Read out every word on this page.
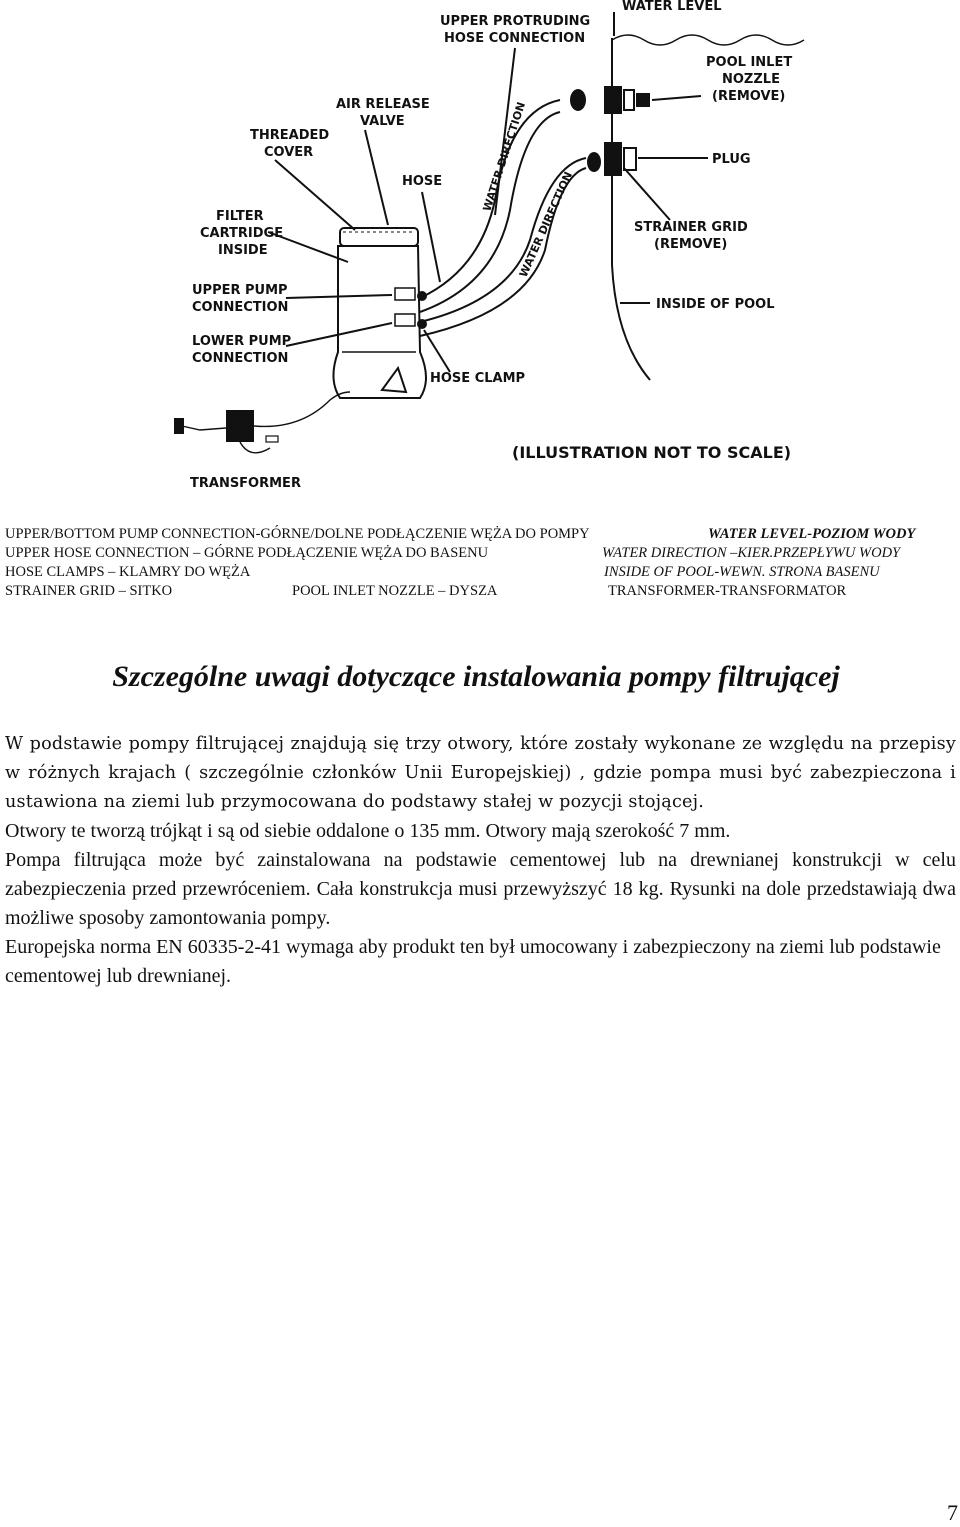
UPPER PROTRUDING HOSE CONNECTION
WATER LEVEL
POOL INLET NOZZLE (REMOVE)
AIR RELEASE VALVE
THREADED COVER
HOSE	WATER DIRECTION
WATER DIRECTION
PLUG
FILTER CARTRIDGE INSIDE
STRAINER GRID (REMOVE)
UPPER PUMP CONNECTION	INSIDE OF POOL
LOWER PUMP CONNECTION
HOSE CLAMP
(ILLUSTRATION NOT TO SCALE)
TRANSFORMER
UPPER/BOTTOM PUMP CONNECTION-GÓRNE/DOLNE PODŁĄCZENIE WĘŻA DO POMPY	WATER LEVEL-POZIOM WODY
UPPER HOSE CONNECTION – GÓRNE PODŁĄCZENIE WĘŻA DO BASENU	WATER DIRECTION –KIER.PRZEPŁYWU WODY
HOSE CLAMPS – KLAMRY DO WĘŻA	INSIDE OF POOL-WEWN. STRONA BASENU
STRAINER GRID – SITKO	POOL INLET NOZZLE – DYSZA	TRANSFORMER-TRANSFORMATOR
Szczególne uwagi dotyczące instalowania pompy filtrującej

W podstawie pompy filtrującej znajdują się trzy otwory, które zostały wykonane ze względu na przepisy w różnych krajach ( szczególnie członków Unii Europejskiej) , gdzie pompa musi być zabezpieczona i ustawiona na ziemi lub przymocowana do podstawy stałej w pozycji stojącej.

Otwory te tworzą trójkąt i są od siebie oddalone o 135 mm. Otwory mają szerokość 7 mm.

Pompa filtrująca może być zainstalowana na podstawie cementowej lub na drewnianej konstrukcji w celu zabezpieczenia przed przewróceniem. Cała konstrukcja musi przewyższyć 18 kg. Rysunki na dole przedstawiają dwa możliwe sposoby zamontowania pompy.

Europejska norma EN 60335-2-41 wymaga aby produkt ten był umocowany i zabezpieczony na ziemi lub podstawie cementowej lub drewnianej.

7
